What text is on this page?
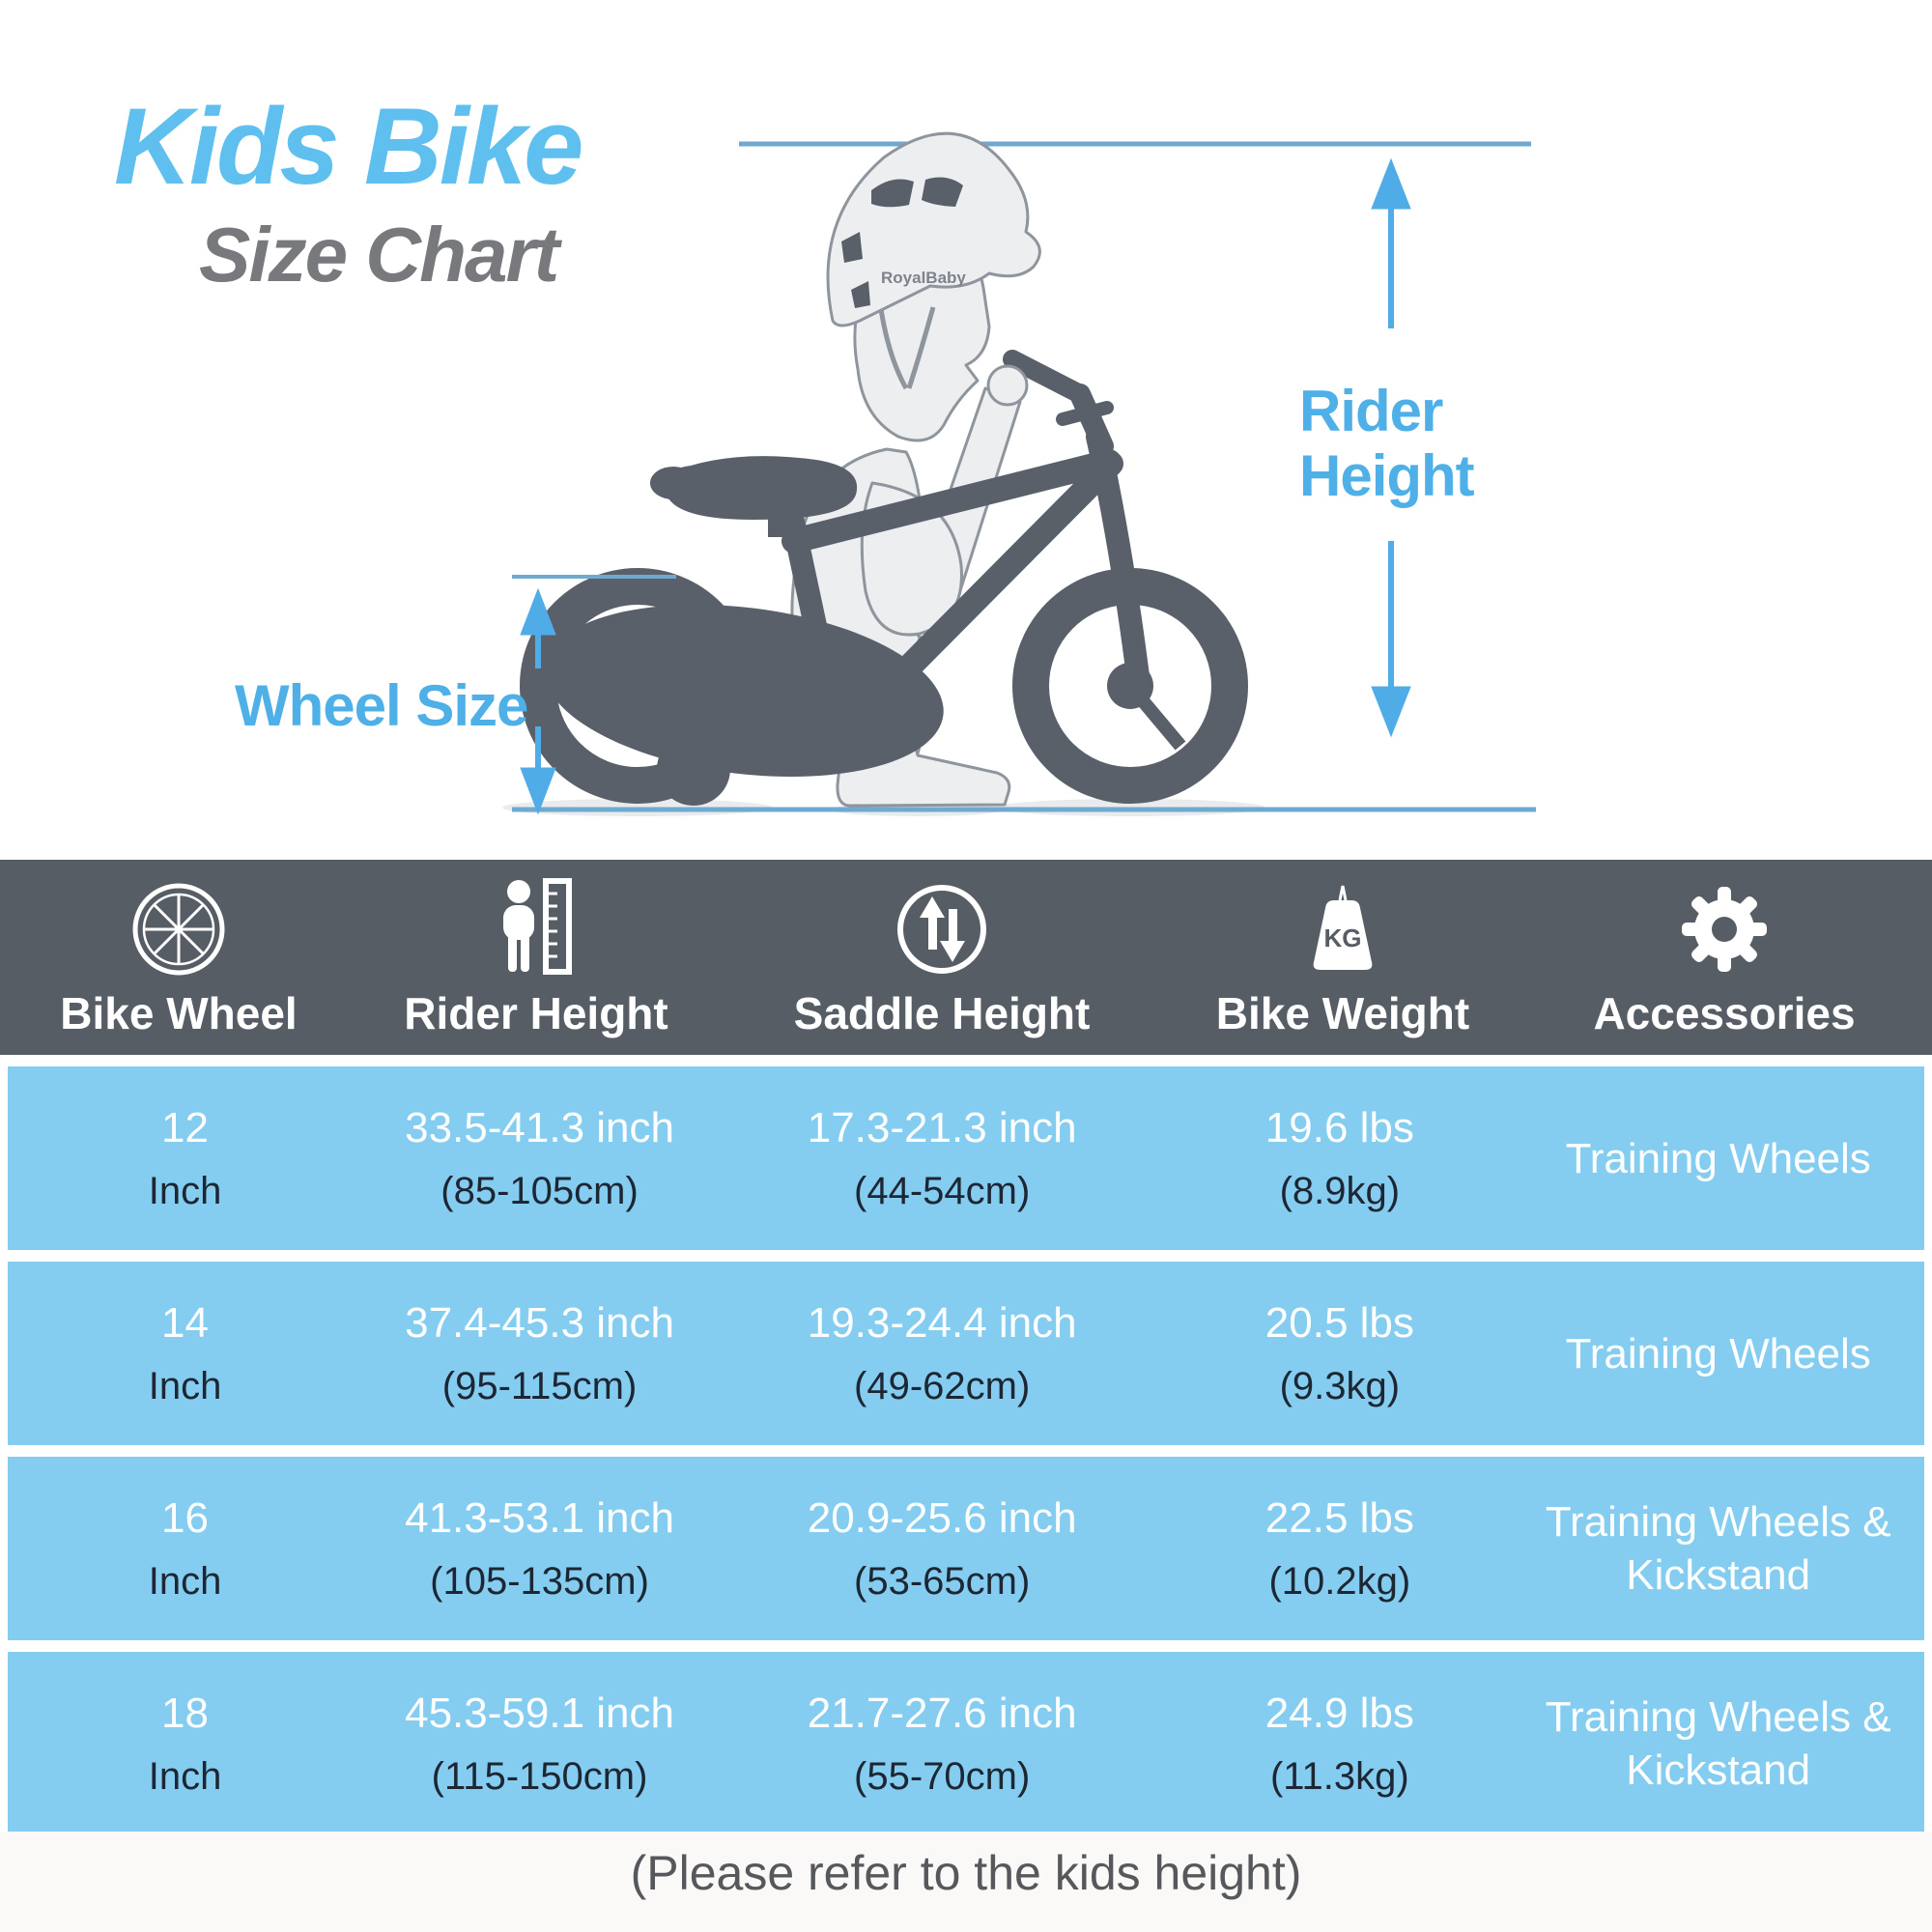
RoyalBaby
Kids Bike
Size Chart
Rider Height
Wheel Size
Bike Wheel Rider Height	Saddle Height
KG
Bike Weight	Accessories
12
Inch
33.5-41.3 inch
(85-105cm)
17.3-21.3 inch
(44-54cm)
19.6 lbs
(8.9kg)
Training Wheels
14
Inch
37.4-45.3 inch
(95-115cm)
19.3-24.4 inch
(49-62cm)
20.5 lbs
(9.3kg)
Training Wheels
16
Inch
41.3-53.1 inch
(105-135cm)
20.9-25.6 inch
(53-65cm)
22.5 lbs
(10.2kg)
Training Wheels & Kickstand
18
Inch
45.3-59.1 inch
(115-150cm)
21.7-27.6 inch
(55-70cm)
24.9 lbs
(11.3kg)
Training Wheels & Kickstand
(Please refer to the kids height)
